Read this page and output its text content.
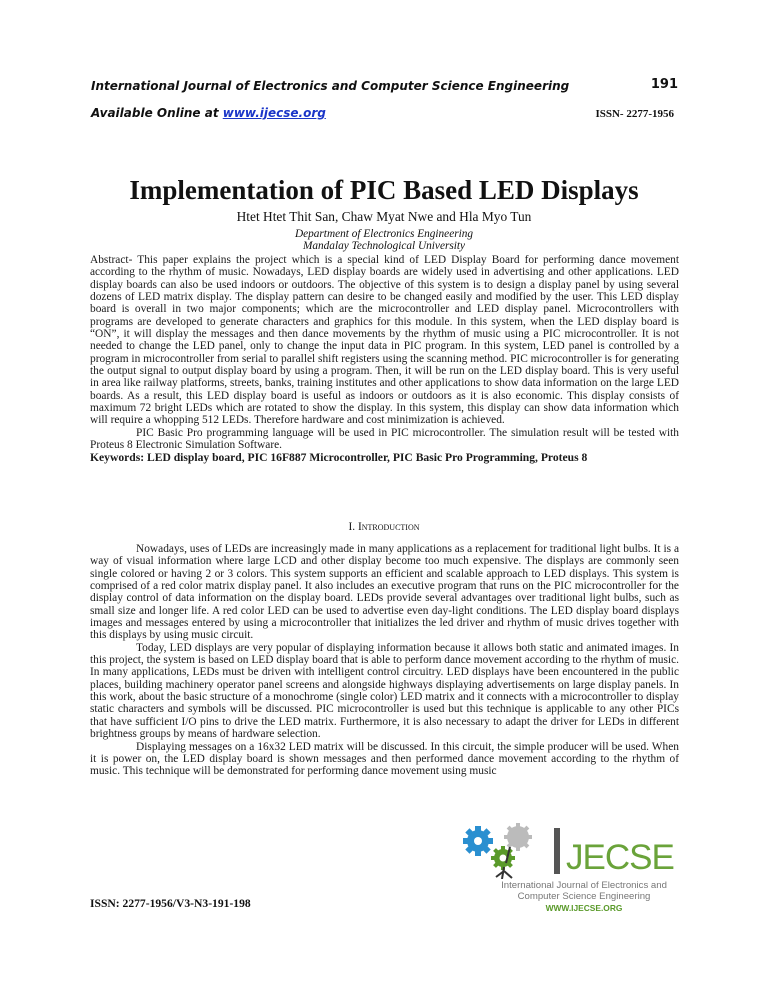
International Journal of Electronics and Computer Science Engineering	191
Available Online at www.ijecse.org	ISSN- 2277-1956
Implementation of PIC Based LED Displays
Htet Htet Thit San, Chaw Myat Nwe and Hla Myo Tun
Department of Electronics Engineering
Mandalay Technological University

Abstract- This paper explains the project which is a special kind of LED Display Board for performing dance movement according to the rhythm of music. Nowadays, LED display boards are widely used in advertising and other applications. LED display boards can also be used indoors or outdoors. The objective of this system is to design a display panel by using several dozens of LED matrix display. The display pattern can desire to be changed easily and modified by the user. This LED display board is overall in two major components; which are the microcontroller and LED display panel. Microcontrollers with programs are developed to generate characters and graphics for this module. In this system, when the LED display board is “ON”, it will display the messages and then dance movements by the rhythm of music using a PIC microcontroller. It is not needed to change the LED panel, only to change the input data in PIC program. In this system, LED panel is controlled by a program in microcontroller from serial to parallel shift registers using the scanning method. PIC microcontroller is for generating the output signal to output display board by using a program. Then, it will be run on the LED display board. This is very useful in area like railway platforms, streets, banks, training institutes and other applications to show data information on the large LED boards. As a result, this LED display board is useful as indoors or outdoors as it is also economic. This display consists of maximum 72 bright LEDs which are rotated to show the display. In this system, this display can show data information which will require a whopping 512 LEDs. Therefore hardware and cost minimization is achieved.

PIC Basic Pro programming language will be used in PIC microcontroller. The simulation result will be tested with Proteus 8 Electronic Simulation Software.

Keywords: LED display board, PIC 16F887 Microcontroller, PIC Basic Pro Programming, Proteus 8

I. Introduction

Nowadays, uses of LEDs are increasingly made in many applications as a replacement for traditional light bulbs. It is a way of visual information where large LCD and other display become too much expensive. The displays are commonly seen single colored or having 2 or 3 colors. This system supports an efficient and scalable approach to LED displays. This system is comprised of a red color matrix display panel. It also includes an executive program that runs on the PIC microcontroller for the display control of data information on the display board. LEDs provide several advantages over traditional light bulbs, such as small size and longer life. A red color LED can be used to advertise even day-light conditions. The LED display board displays images and messages entered by using a microcontroller that initializes the led driver and rhythm of music drives together with this displays by using music circuit.

Today, LED displays are very popular of displaying information because it allows both static and animated images. In this project, the system is based on LED display board that is able to perform dance movement according to the rhythm of music. In many applications, LEDs must be driven with intelligent control circuitry. LED displays have been encountered in the public places, building machinery operator panel screens and alongside highways displaying advertisements on large display panels. In this work, about the basic structure of a monochrome (single color) LED matrix and it connects with a microcontroller to display static characters and symbols will be discussed. PIC microcontroller is used but this technique is applicable to any other PICs that have sufficient I/O pins to drive the LED matrix. Furthermore, it is also necessary to adapt the driver for LEDs in different brightness groups by means of hardware selection.

Displaying messages on a 16x32 LED matrix will be discussed. In this circuit, the simple producer will be used. When it is power on, the LED display board is shown messages and then performed dance movement according to the rhythm of music. This technique will be demonstrated for performing dance movement using music

JECSE
International Journal of Electronics and
Computer Science Engineering
WWW.IJECSE.ORG
ISSN: 2277-1956/V3-N3-191-198
